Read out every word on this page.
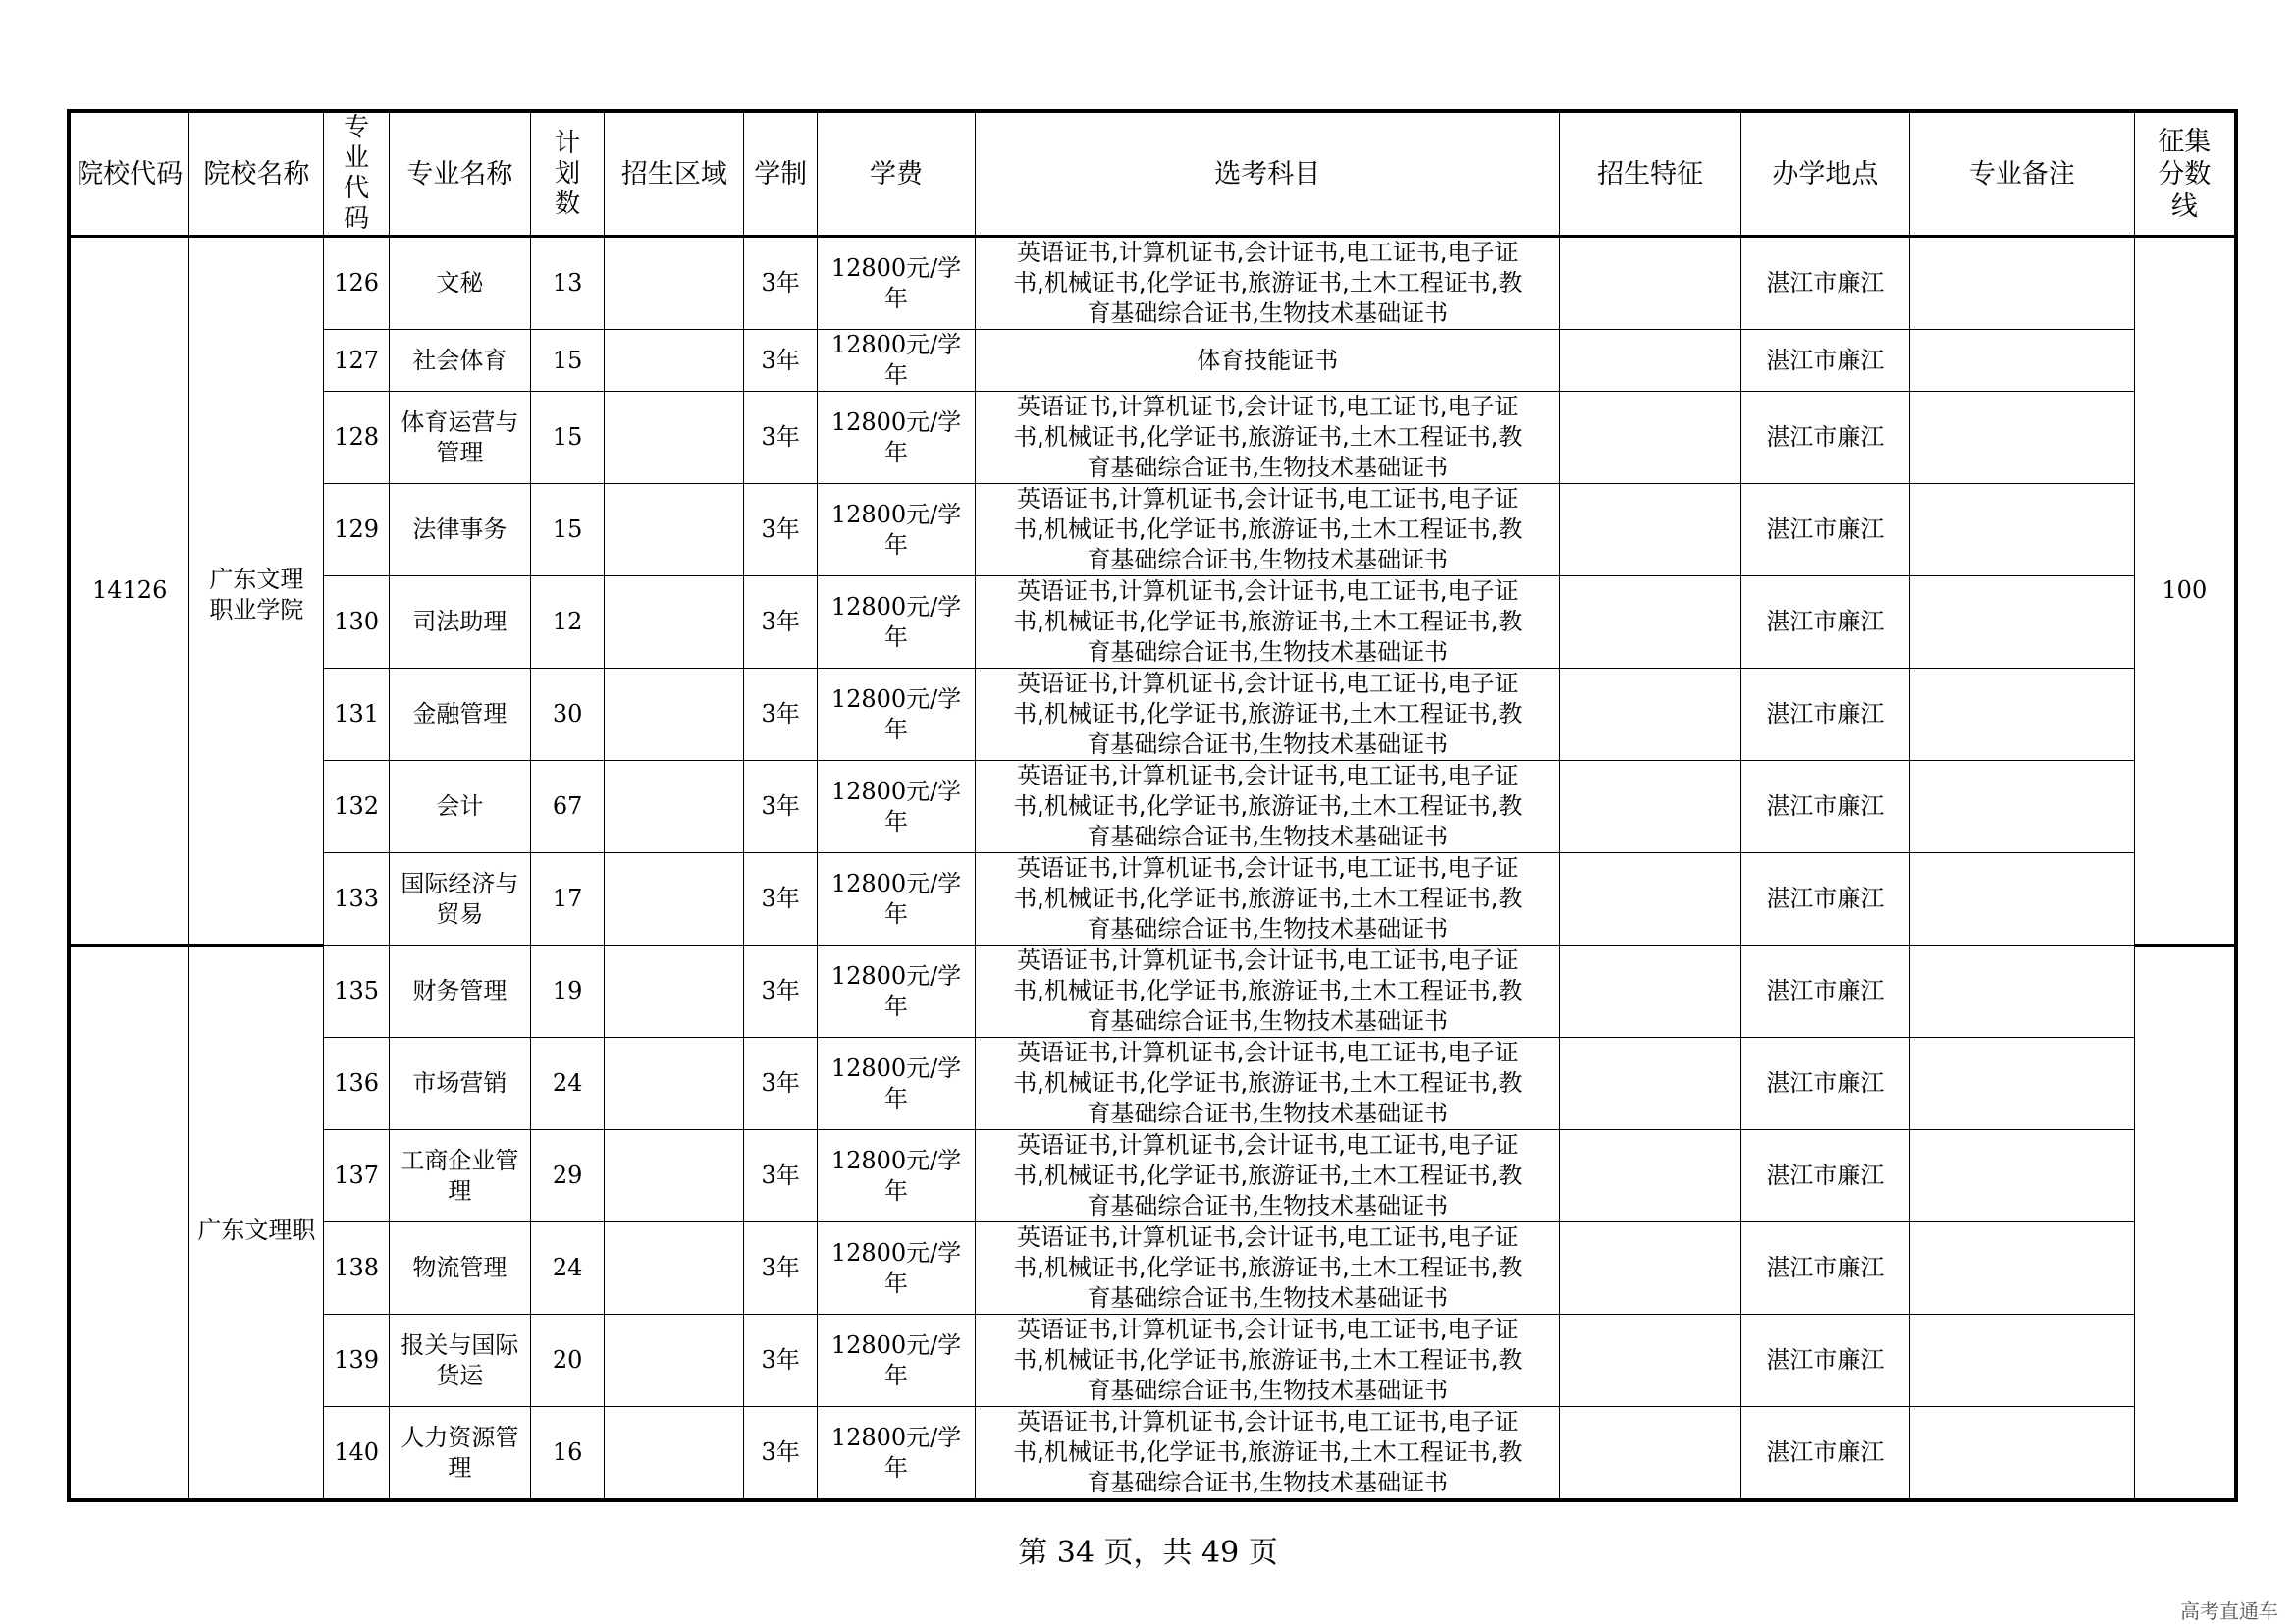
院校代码	院校名称	专业代码	专业名称	计划数	招生区域	学制	学费	选考科目	招生特征	办学地点	专业备注	征集分数线
14126	广东文理职业学院	126	文秘	13		3年	12800元/学年	英语证书,计算机证书,会计证书,电工证书,电子证
书,机械证书,化学证书,旅游证书,土木工程证书,教
育基础综合证书,生物技术基础证书		湛江市廉江		100
		127	社会体育	15		3年	12800元/学年	体育技能证书		湛江市廉江		
		128	体育运营与管理	15		3年	12800元/学年	英语证书,计算机证书,会计证书,电工证书,电子证
书,机械证书,化学证书,旅游证书,土木工程证书,教
育基础综合证书,生物技术基础证书		湛江市廉江		
		129	法律事务	15		3年	12800元/学年	英语证书,计算机证书,会计证书,电工证书,电子证
书,机械证书,化学证书,旅游证书,土木工程证书,教
育基础综合证书,生物技术基础证书		湛江市廉江		
		130	司法助理	12		3年	12800元/学年	英语证书,计算机证书,会计证书,电工证书,电子证
书,机械证书,化学证书,旅游证书,土木工程证书,教
育基础综合证书,生物技术基础证书		湛江市廉江		
		131	金融管理	30		3年	12800元/学年	英语证书,计算机证书,会计证书,电工证书,电子证
书,机械证书,化学证书,旅游证书,土木工程证书,教
育基础综合证书,生物技术基础证书		湛江市廉江		
		132	会计	67		3年	12800元/学年	英语证书,计算机证书,会计证书,电工证书,电子证
书,机械证书,化学证书,旅游证书,土木工程证书,教
育基础综合证书,生物技术基础证书		湛江市廉江		
		133	国际经济与贸易	17		3年	12800元/学年	英语证书,计算机证书,会计证书,电工证书,电子证
书,机械证书,化学证书,旅游证书,土木工程证书,教
育基础综合证书,生物技术基础证书		湛江市廉江		

	广东文理职	135	财务管理	19		3年	12800元/学年	英语证书,计算机证书,会计证书,电工证书,电子证
书,机械证书,化学证书,旅游证书,土木工程证书,教
育基础综合证书,生物技术基础证书		湛江市廉江		
		136	市场营销	24		3年	12800元/学年	英语证书,计算机证书,会计证书,电工证书,电子证
书,机械证书,化学证书,旅游证书,土木工程证书,教
育基础综合证书,生物技术基础证书		湛江市廉江		
		137	工商企业管理	29		3年	12800元/学年	英语证书,计算机证书,会计证书,电工证书,电子证
书,机械证书,化学证书,旅游证书,土木工程证书,教
育基础综合证书,生物技术基础证书		湛江市廉江		
		138	物流管理	24		3年	12800元/学年	英语证书,计算机证书,会计证书,电工证书,电子证
书,机械证书,化学证书,旅游证书,土木工程证书,教
育基础综合证书,生物技术基础证书		湛江市廉江		
		139	报关与国际货运	20		3年	12800元/学年	英语证书,计算机证书,会计证书,电工证书,电子证
书,机械证书,化学证书,旅游证书,土木工程证书,教
育基础综合证书,生物技术基础证书		湛江市廉江		
		140	人力资源管理	16		3年	12800元/学年	英语证书,计算机证书,会计证书,电工证书,电子证
书,机械证书,化学证书,旅游证书,土木工程证书,教
育基础综合证书,生物技术基础证书		湛江市廉江		
第 34 页，共 49 页
高考直通车
